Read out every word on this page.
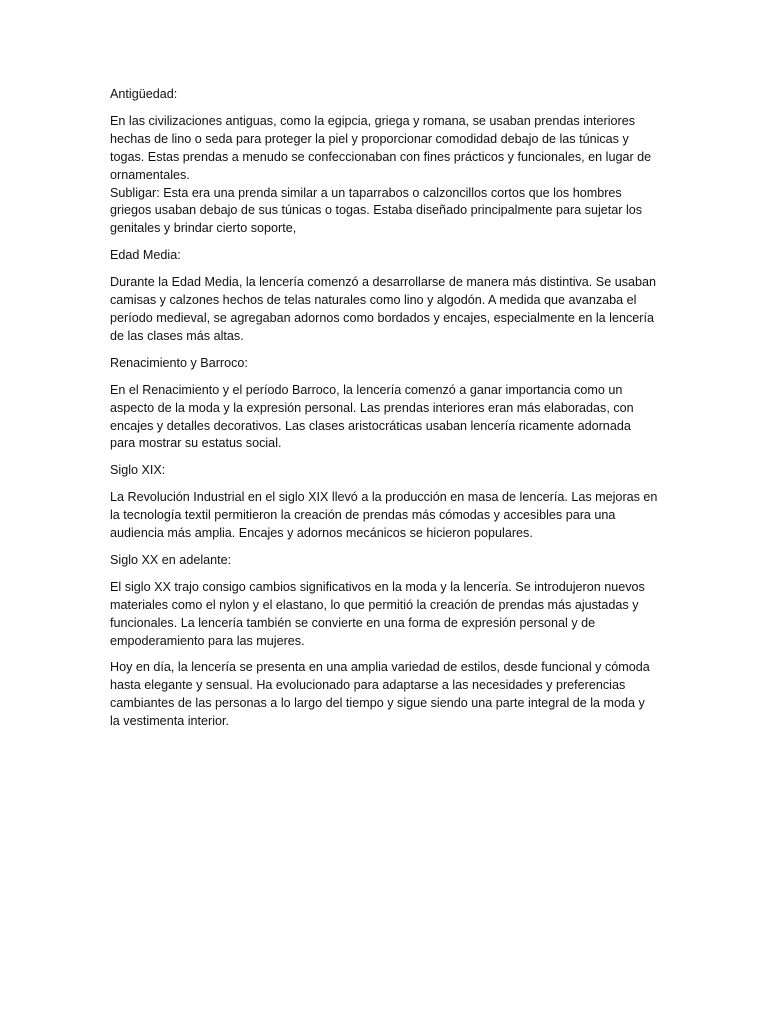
Antigüedad:
En las civilizaciones antiguas, como la egipcia, griega y romana, se usaban prendas interiores hechas de lino o seda para proteger la piel y proporcionar comodidad debajo de las túnicas y togas. Estas prendas a menudo se confeccionaban con fines prácticos y funcionales, en lugar de ornamentales.
Subligar: Esta era una prenda similar a un taparrabos o calzoncillos cortos que los hombres griegos usaban debajo de sus túnicas o togas. Estaba diseñado principalmente para sujetar los genitales y brindar cierto soporte,
Edad Media:
Durante la Edad Media, la lencería comenzó a desarrollarse de manera más distintiva. Se usaban camisas y calzones hechos de telas naturales como lino y algodón. A medida que avanzaba el período medieval, se agregaban adornos como bordados y encajes, especialmente en la lencería de las clases más altas.
Renacimiento y Barroco:
En el Renacimiento y el período Barroco, la lencería comenzó a ganar importancia como un aspecto de la moda y la expresión personal. Las prendas interiores eran más elaboradas, con encajes y detalles decorativos. Las clases aristocráticas usaban lencería ricamente adornada para mostrar su estatus social.
Siglo XIX:
La Revolución Industrial en el siglo XIX llevó a la producción en masa de lencería. Las mejoras en la tecnología textil permitieron la creación de prendas más cómodas y accesibles para una audiencia más amplia. Encajes y adornos mecánicos se hicieron populares.
Siglo XX en adelante:
El siglo XX trajo consigo cambios significativos en la moda y la lencería. Se introdujeron nuevos materiales como el nylon y el elastano, lo que permitió la creación de prendas más ajustadas y funcionales. La lencería también se convierte en una forma de expresión personal y de empoderamiento para las mujeres.
Hoy en día, la lencería se presenta en una amplia variedad de estilos, desde funcional y cómoda hasta elegante y sensual. Ha evolucionado para adaptarse a las necesidades y preferencias cambiantes de las personas a lo largo del tiempo y sigue siendo una parte integral de la moda y la vestimenta interior.
